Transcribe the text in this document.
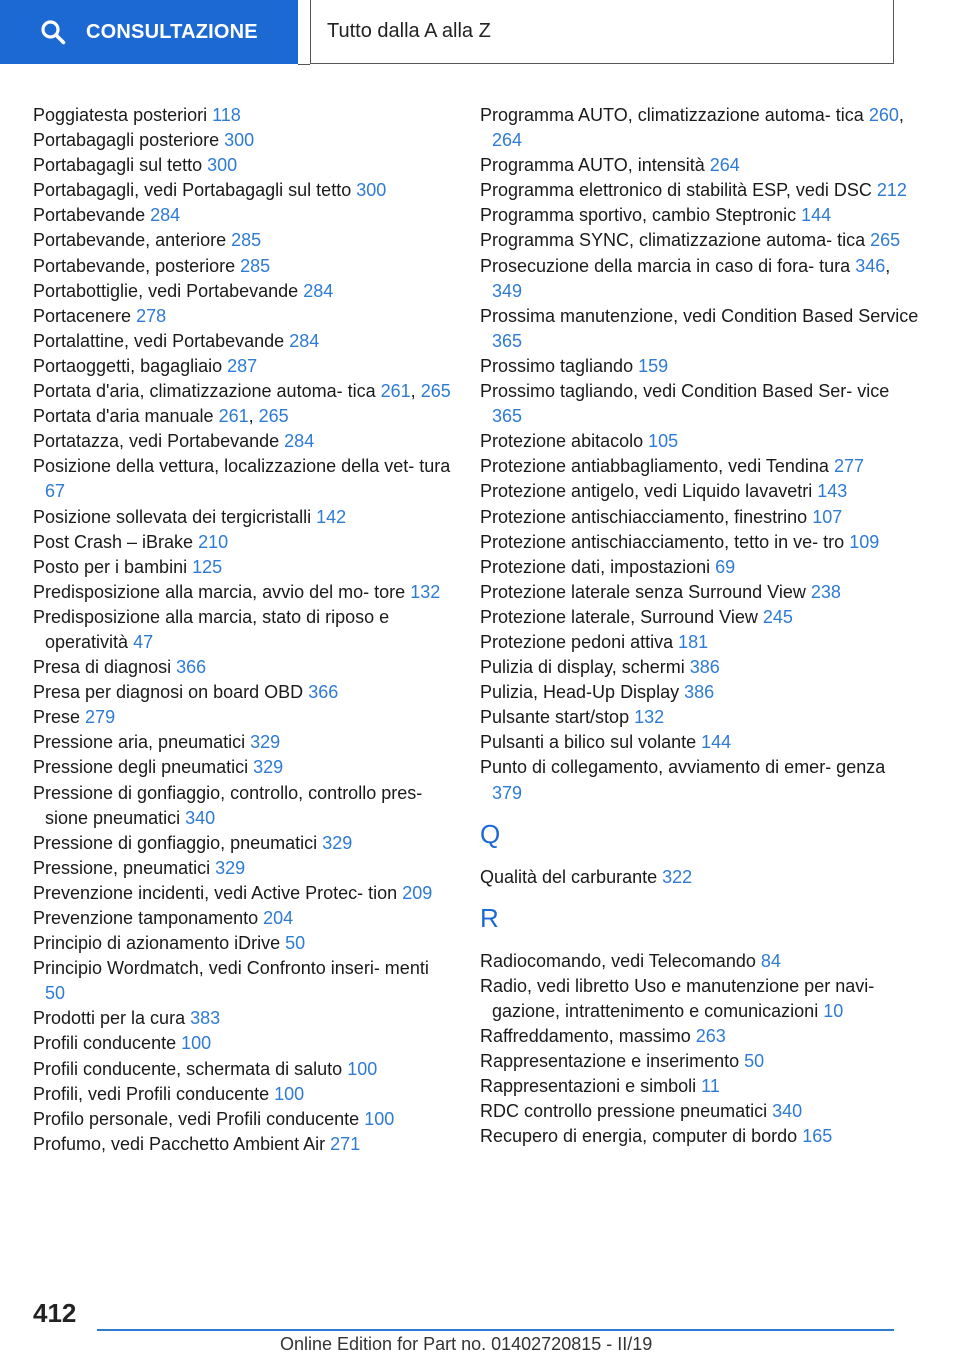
CONSULTAZIONE	Tutto dalla A alla Z
Poggiatesta posteriori 118
Portabagagli posteriore 300
Portabagagli sul tetto 300
Portabagagli, vedi Portabagagli sul tetto 300
Portabevande 284
Portabevande, anteriore 285
Portabevande, posteriore 285
Portabottiglie, vedi Portabevande 284
Portacenere 278
Portalattine, vedi Portabevande 284
Portaoggetti, bagagliaio 287
Portata d'aria, climatizzazione automa- tica 261, 265
Portata d'aria manuale 261, 265
Portatazza, vedi Portabevande 284
Posizione della vettura, localizzazione della vet- tura 67
Posizione sollevata dei tergicristalli 142
Post Crash – iBrake 210
Posto per i bambini 125
Predisposizione alla marcia, avvio del mo- tore 132
Predisposizione alla marcia, stato di riposo e operatività 47
Presa di diagnosi 366
Presa per diagnosi on board OBD 366
Prese 279
Pressione aria, pneumatici 329
Pressione degli pneumatici 329
Pressione di gonfiaggio, controllo, controllo pres- sione pneumatici 340
Pressione di gonfiaggio, pneumatici 329
Pressione, pneumatici 329
Prevenzione incidenti, vedi Active Protec- tion 209
Prevenzione tamponamento 204
Principio di azionamento iDrive 50
Principio Wordmatch, vedi Confronto inseri- menti 50
Prodotti per la cura 383
Profili conducente 100
Profili conducente, schermata di saluto 100
Profili, vedi Profili conducente 100
Profilo personale, vedi Profili conducente 100
Profumo, vedi Pacchetto Ambient Air 271
Programma AUTO, climatizzazione automa- tica 260, 264
Programma AUTO, intensità 264
Programma elettronico di stabilità ESP, vedi DSC 212
Programma sportivo, cambio Steptronic 144
Programma SYNC, climatizzazione automa- tica 265
Prosecuzione della marcia in caso di fora- tura 346, 349
Prossima manutenzione, vedi Condition Based Service 365
Prossimo tagliando 159
Prossimo tagliando, vedi Condition Based Ser- vice 365
Protezione abitacolo 105
Protezione antiabbagliamento, vedi Tendina 277
Protezione antigelo, vedi Liquido lavavetri 143
Protezione antischiacciamento, finestrino 107
Protezione antischiacciamento, tetto in ve- tro 109
Protezione dati, impostazioni 69
Protezione laterale senza Surround View 238
Protezione laterale, Surround View 245
Protezione pedoni attiva 181
Pulizia di display, schermi 386
Pulizia, Head-Up Display 386
Pulsante start/stop 132
Pulsanti a bilico sul volante 144
Punto di collegamento, avviamento di emer- genza 379
Q
Qualità del carburante 322
R
Radiocomando, vedi Telecomando 84
Radio, vedi libretto Uso e manutenzione per navi- gazione, intrattenimento e comunicazioni 10
Raffreddamento, massimo 263
Rappresentazione e inserimento 50
Rappresentazioni e simboli 11
RDC controllo pressione pneumatici 340
Recupero di energia, computer di bordo 165
412
Online Edition for Part no. 01402720815 - II/19
